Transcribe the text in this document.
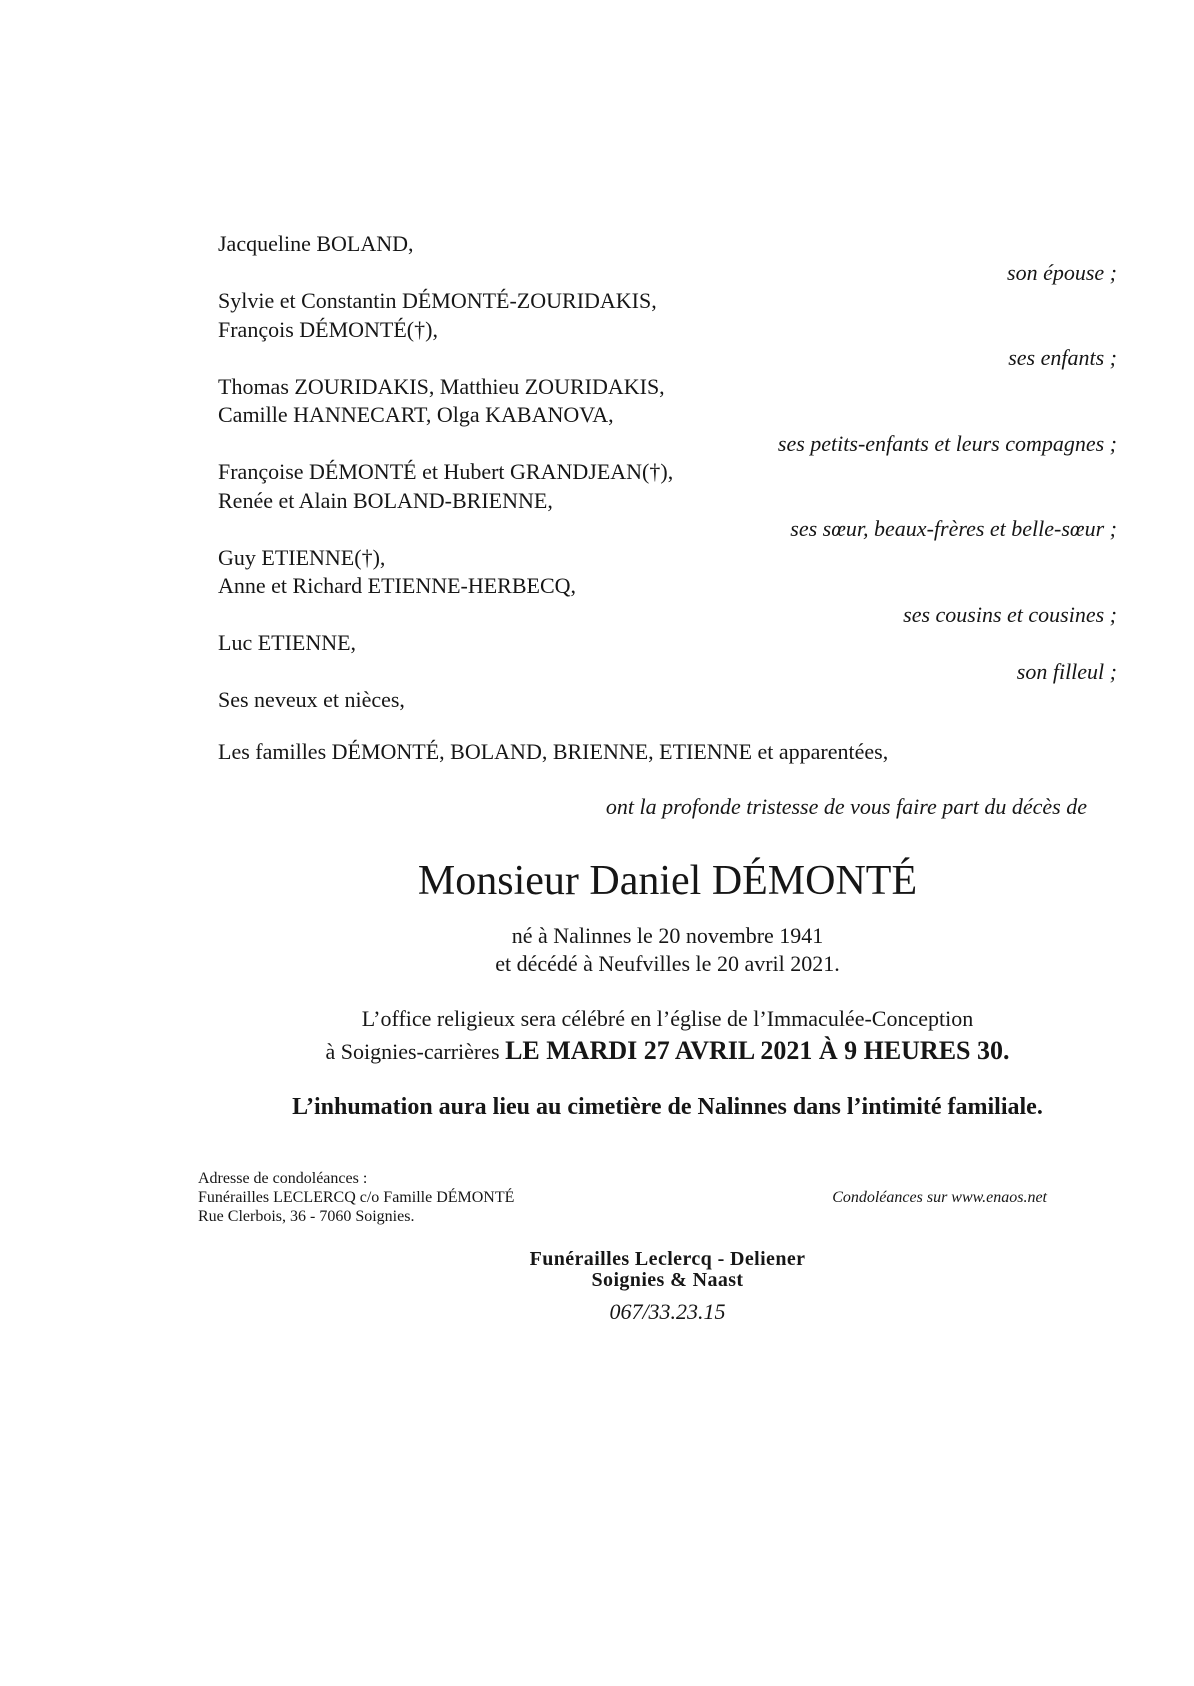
Jacqueline BOLAND,
son épouse ;
Sylvie et Constantin DÉMONTÉ-ZOURIDAKIS,
François DÉMONTÉ(†),
ses enfants ;
Thomas ZOURIDAKIS, Matthieu ZOURIDAKIS,
Camille HANNECART, Olga KABANOVA,
ses petits-enfants et leurs compagnes ;
Françoise DÉMONTÉ et Hubert GRANDJEAN(†),
Renée et Alain BOLAND-BRIENNE,
ses sœur, beaux-frères et belle-sœur ;
Guy ETIENNE(†),
Anne et Richard ETIENNE-HERBECQ,
ses cousins et cousines ;
Luc ETIENNE,
son filleul ;
Ses neveux et nièces,
Les familles DÉMONTÉ, BOLAND, BRIENNE, ETIENNE et apparentées,
ont la profonde tristesse de vous faire part du décès de
Monsieur Daniel DÉMONTÉ
né à Nalinnes le 20 novembre 1941
et décédé à Neufvilles le 20 avril 2021.
L’office religieux sera célébré en l’église de l’Immaculée-Conception
à Soignies-carrières LE MARDI 27 AVRIL 2021 À 9 HEURES 30.
L’inhumation aura lieu au cimetière de Nalinnes dans l’intimité familiale.
Adresse de condoléances :
Funérailles LECLERCQ c/o Famille DÉMONTÉ
Rue Clerbois, 36 - 7060 Soignies.
Condoléances sur www.enaos.net
Funérailles Leclercq - Deliener
Soignies & Naast
067/33.23.15
